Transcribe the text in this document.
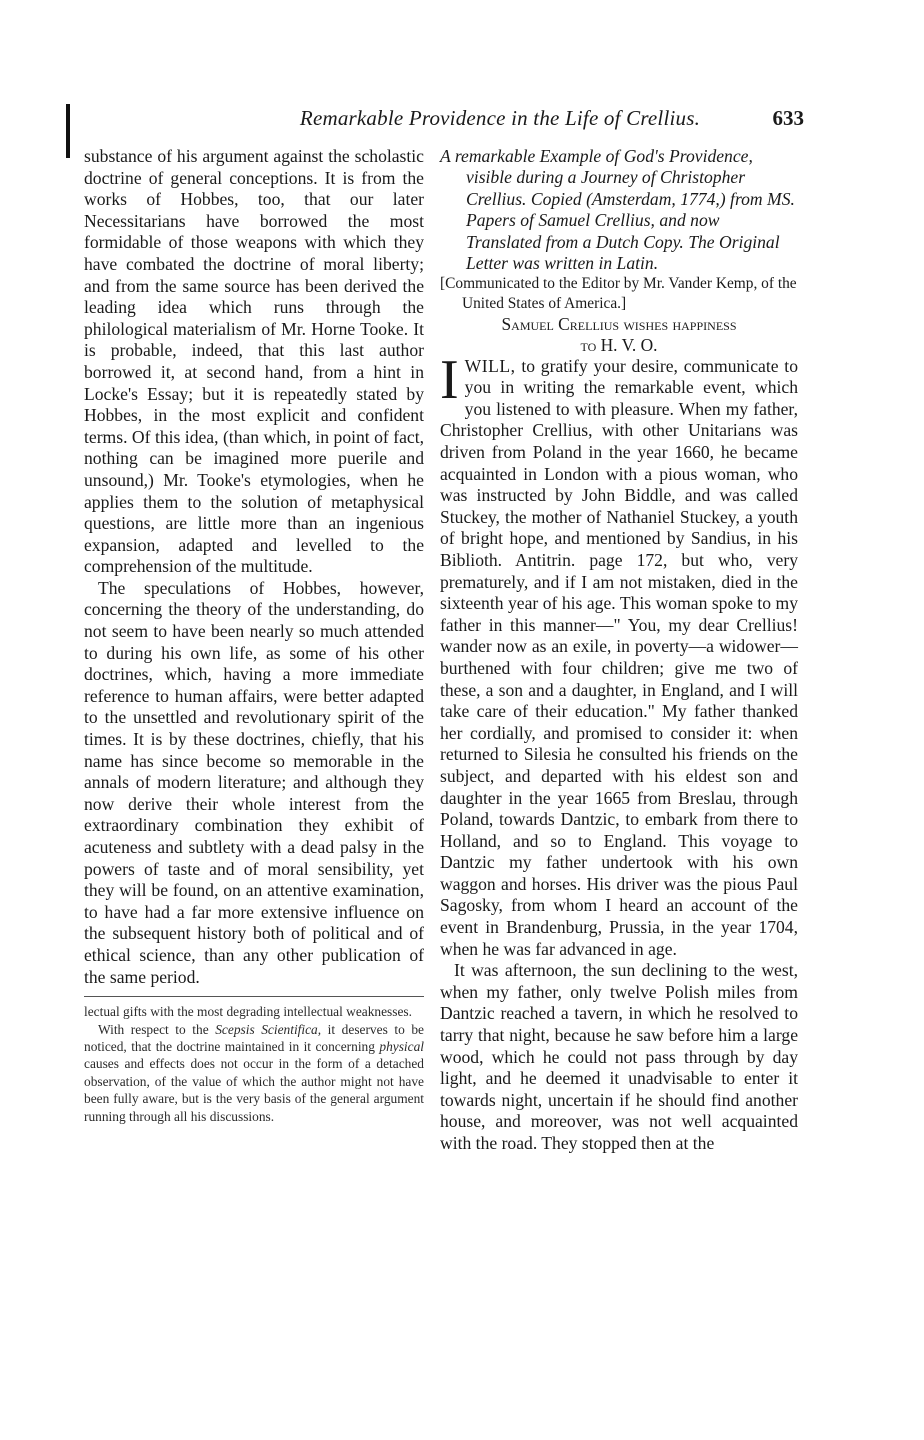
Remarkable Providence in the Life of Crellius.	633

substance of his argument against the scholastic doctrine of general conceptions. It is from the works of Hobbes, too, that our later Necessitarians have borrowed the most formidable of those weapons with which they have combated the doctrine of moral liberty; and from the same source has been derived the leading idea which runs through the philological materialism of Mr. Horne Tooke. It is probable, indeed, that this last author borrowed it, at second hand, from a hint in Locke's Essay; but it is repeatedly stated by Hobbes, in the most explicit and confident terms. Of this idea, (than which, in point of fact, nothing can be imagined more puerile and unsound,) Mr. Tooke's etymologies, when he applies them to the solution of metaphysical questions, are little more than an ingenious expansion, adapted and levelled to the comprehension of the multitude.

The speculations of Hobbes, however, concerning the theory of the understanding, do not seem to have been nearly so much attended to during his own life, as some of his other doctrines, which, having a more immediate reference to human affairs, were better adapted to the unsettled and revolutionary spirit of the times. It is by these doctrines, chiefly, that his name has since become so memorable in the annals of modern literature; and although they now derive their whole interest from the extraordinary combination they exhibit of acuteness and subtlety with a dead palsy in the powers of taste and of moral sensibility, yet they will be found, on an attentive examination, to have had a far more extensive influence on the subsequent history both of political and of ethical science, than any other publication of the same period.

lectual gifts with the most degrading intellectual weaknesses.

With respect to the Scepsis Scientifica, it deserves to be noticed, that the doctrine maintained in it concerning physical causes and effects does not occur in the form of a detached observation, of the value of which the author might not have been fully aware, but is the very basis of the general argument running through all his discussions.

A remarkable Example of God's Providence, visible during a Journey of Christopher Crellius. Copied (Amsterdam, 1774,) from MS. Papers of Samuel Crellius, and now Translated from a Dutch Copy. The Original Letter was written in Latin.

[Communicated to the Editor by Mr. Vander Kemp, of the United States of America.]

Samuel Crellius wishes happiness

to H. V. O.

IWILL, to gratify your desire, communicate to you in writing the remarkable event, which you listened to with pleasure. When my father, Christopher Crellius, with other Unitarians was driven from Poland in the year 1660, he became acquainted in London with a pious woman, who was instructed by John Biddle, and was called Stuckey, the mother of Nathaniel Stuckey, a youth of bright hope, and mentioned by Sandius, in his Biblioth. Antitrin. page 172, but who, very prematurely, and if I am not mistaken, died in the sixteenth year of his age. This woman spoke to my father in this manner—" You, my dear Crellius! wander now as an exile, in poverty—a widower—burthened with four children; give me two of these, a son and a daughter, in England, and I will take care of their education." My father thanked her cordially, and promised to consider it: when returned to Silesia he consulted his friends on the subject, and departed with his eldest son and daughter in the year 1665 from Breslau, through Poland, towards Dantzic, to embark from there to Holland, and so to England. This voyage to Dantzic my father undertook with his own waggon and horses. His driver was the pious Paul Sagosky, from whom I heard an account of the event in Brandenburg, Prussia, in the year 1704, when he was far advanced in age.

It was afternoon, the sun declining to the west, when my father, only twelve Polish miles from Dantzic reached a tavern, in which he resolved to tarry that night, because he saw before him a large wood, which he could not pass through by day light, and he deemed it unadvisable to enter it towards night, uncertain if he should find another house, and moreover, was not well acquainted with the road. They stopped then at the
